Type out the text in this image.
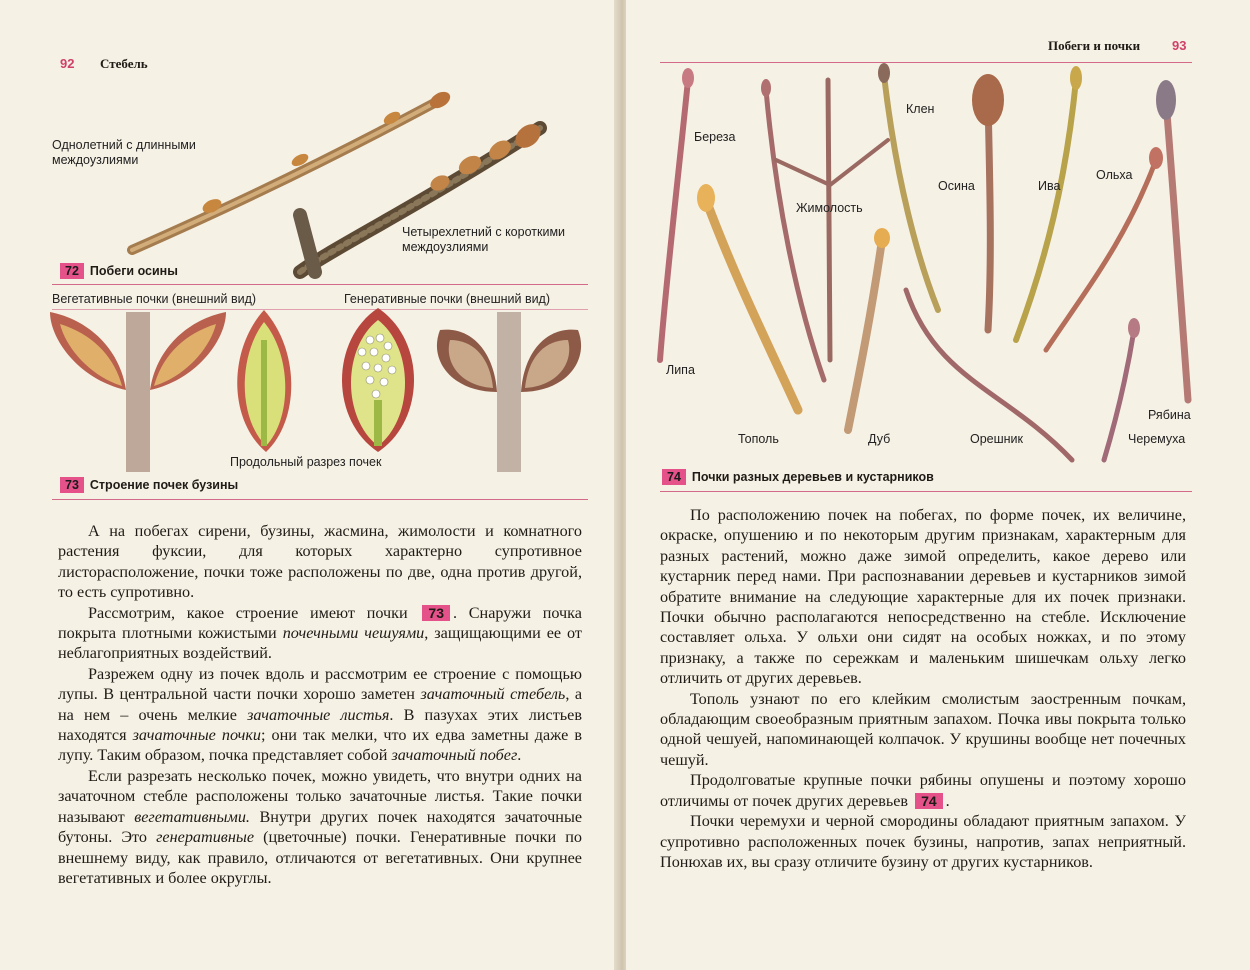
92 Стебель
Однолетний с длинными
междоузлиями
Четырехлетний с короткими
междоузлиями
72 Побеги осины
Вегетативные почки (внешний вид)	Генеративные почки (внешний вид)
Продольный разрез почек
73 Строение почек бузины

А на побегах сирени, бузины, жасмина, жимолости и комнатного растения фуксии, для которых характерно супротивное листорасположение, почки тоже расположены по две, одна против другой, то есть супротивно.

Рассмотрим, какое строение имеют почки 73 . Снаружи почка покрыта плотными кожистыми почечными чешуями, защищающими ее от неблагоприятных воздействий.

Разрежем одну из почек вдоль и рассмотрим ее строение с помощью лупы. В центральной части почки хорошо заметен зачаточный стебель, а на нем – очень мелкие зачаточные листья. В пазухах этих листьев находятся зачаточные почки; они так мелки, что их едва заметны даже в лупу. Таким образом, почка представляет собой зачаточный побег.

Если разрезать несколько почек, можно увидеть, что внутри одних на зачаточном стебле расположены только зачаточные листья. Такие почки называют вегетативными. Внутри других почек находятся зачаточные бутоны. Это генеративные (цветочные) почки. Генеративные почки по внешнему виду, как правило, отличаются от вегетативных. Они крупнее вегетативных и более округлы.

Побеги и почки 93
Береза
Клен
Жимолость
Осина	Ива
Ольха
Липа
Тополь	Дуб	Орешник
Рябина
Черемуха
74 Почки разных деревьев и кустарников

По расположению почек на побегах, по форме почек, их величине, окраске, опушению и по некоторым другим признакам, характерным для разных растений, можно даже зимой определить, какое дерево или кустарник перед нами. При распознавании деревьев и кустарников зимой обратите внимание на следующие характерные для их почек признаки. Почки обычно располагаются непосредственно на стебле. Исключение составляет ольха. У ольхи они сидят на особых ножках, и по этому признаку, а также по сережкам и маленьким шишечкам ольху легко отличить от других деревьев.

Тополь узнают по его клейким смолистым заостренным почкам, обладающим своеобразным приятным запахом. Почка ивы покрыта только одной чешуей, напоминающей колпачок. У крушины вообще нет почечных чешуй.

Продолговатые крупные почки рябины опушены и поэтому хорошо отличимы от почек других деревьев 74 .

Почки черемухи и черной смородины обладают приятным запахом. У супротивно расположенных почек бузины, напротив, запах неприятный. Понюхав их, вы сразу отличите бузину от других кустарников.
